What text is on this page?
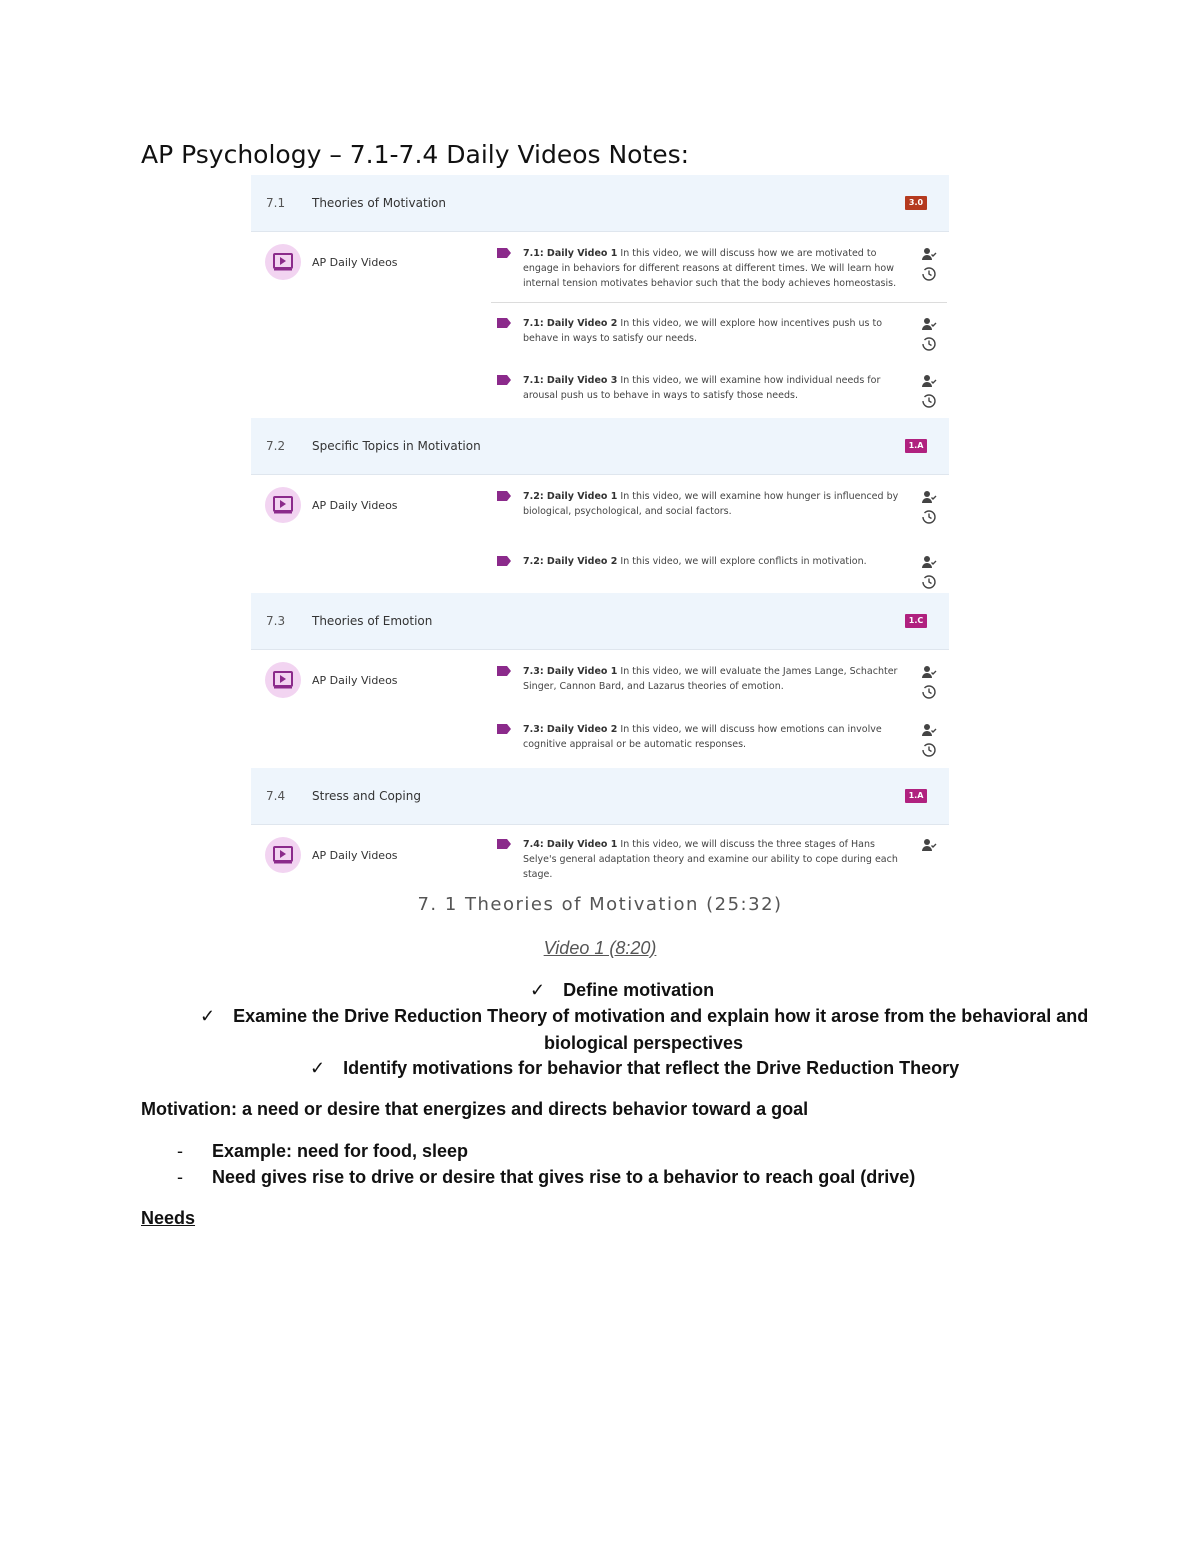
AP Psychology – 7.1-7.4 Daily Videos Notes:
7.1 Theories of Motivation	3.0
AP Daily Videos
7.1: Daily Video 1 In this video, we will discuss how we are motivated to engage in behaviors for different reasons at different times. We will learn how internal tension motivates behavior such that the body achieves homeostasis.
7.1: Daily Video 2 In this video, we will explore how incentives push us to behave in ways to satisfy our needs.
7.1: Daily Video 3 In this video, we will examine how individual needs for arousal push us to behave in ways to satisfy those needs.
7.2 Specific Topics in Motivation	1.A
AP Daily Videos
7.2: Daily Video 1 In this video, we will examine how hunger is influenced by biological, psychological, and social factors.
7.2: Daily Video 2 In this video, we will explore conflicts in motivation.
7.3 Theories of Emotion	1.C
AP Daily Videos
7.3: Daily Video 1 In this video, we will evaluate the James Lange, Schachter Singer, Cannon Bard, and Lazarus theories of emotion.
7.3: Daily Video 2 In this video, we will discuss how emotions can involve cognitive appraisal or be automatic responses.
7.4 Stress and Coping	1.A
AP Daily Videos
7.4: Daily Video 1 In this video, we will discuss the three stages of Hans Selye's general adaptation theory and examine our ability to cope during each stage.
7. 1 Theories of Motivation (25:32)
Video 1 (8:20)
✓ Define motivation
✓ Examine the Drive Reduction Theory of motivation and explain how it arose from the behavioral and
biological perspectives
✓ Identify motivations for behavior that reflect the Drive Reduction Theory
Motivation: a need or desire that energizes and directs behavior toward a goal
- Example: need for food, sleep
- Need gives rise to drive or desire that gives rise to a behavior to reach goal (drive)
Needs
